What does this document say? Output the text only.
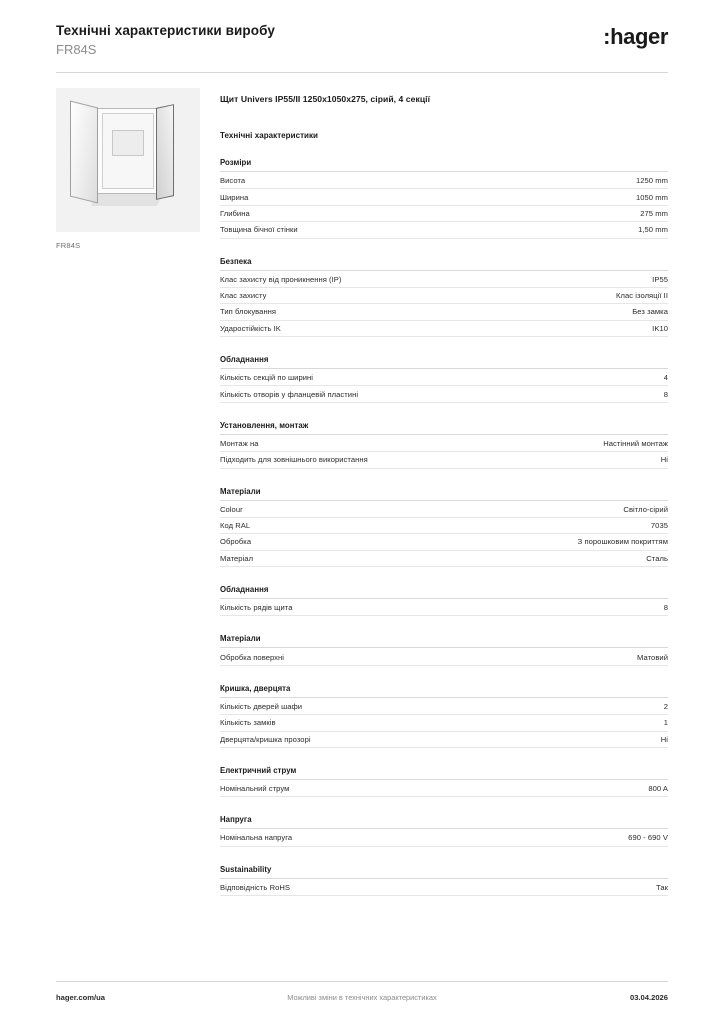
Технічні характеристики виробу
FR84S
:hager
FR84S
Щит Univers IP55/II 1250x1050x275, сірий, 4 секції
Технічні характеристики
Розміри
Висота	1250 mm
Ширина	1050 mm
Глибина	275 mm
Товщина бічної стінки	1,50 mm
Безпека
Клас захисту від проникнення (IP)	IP55
Клас захисту	Клас ізоляції II
Тип блокування	Без замка
Ударостійкість IK	IK10
Обладнання
Кількість секцій по ширині	4
Кількість отворів у фланцевій пластині	8
Установлення, монтаж
Монтаж на	Настінний монтаж
Підходить для зовнішнього використання	Ні
Матеріали
Colour	Світло-сірий
Код RAL	7035
Обробка	З порошковим покриттям
Матеріал	Сталь
Обладнання
Кількість рядів щита	8
Матеріали
Обробка поверхні	Матовий
Кришка, дверцята
Кількість дверей шафи	2
Кількість замків	1
Дверцята/кришка прозорі	Ні
Електричний струм
Номінальний струм	800 A
Напруга
Номінальна напруга	690 - 690 V
Sustainability
Відповідність RoHS	Так
hager.com/ua	Можливі зміни в технічних характеристиках	03.04.2026
